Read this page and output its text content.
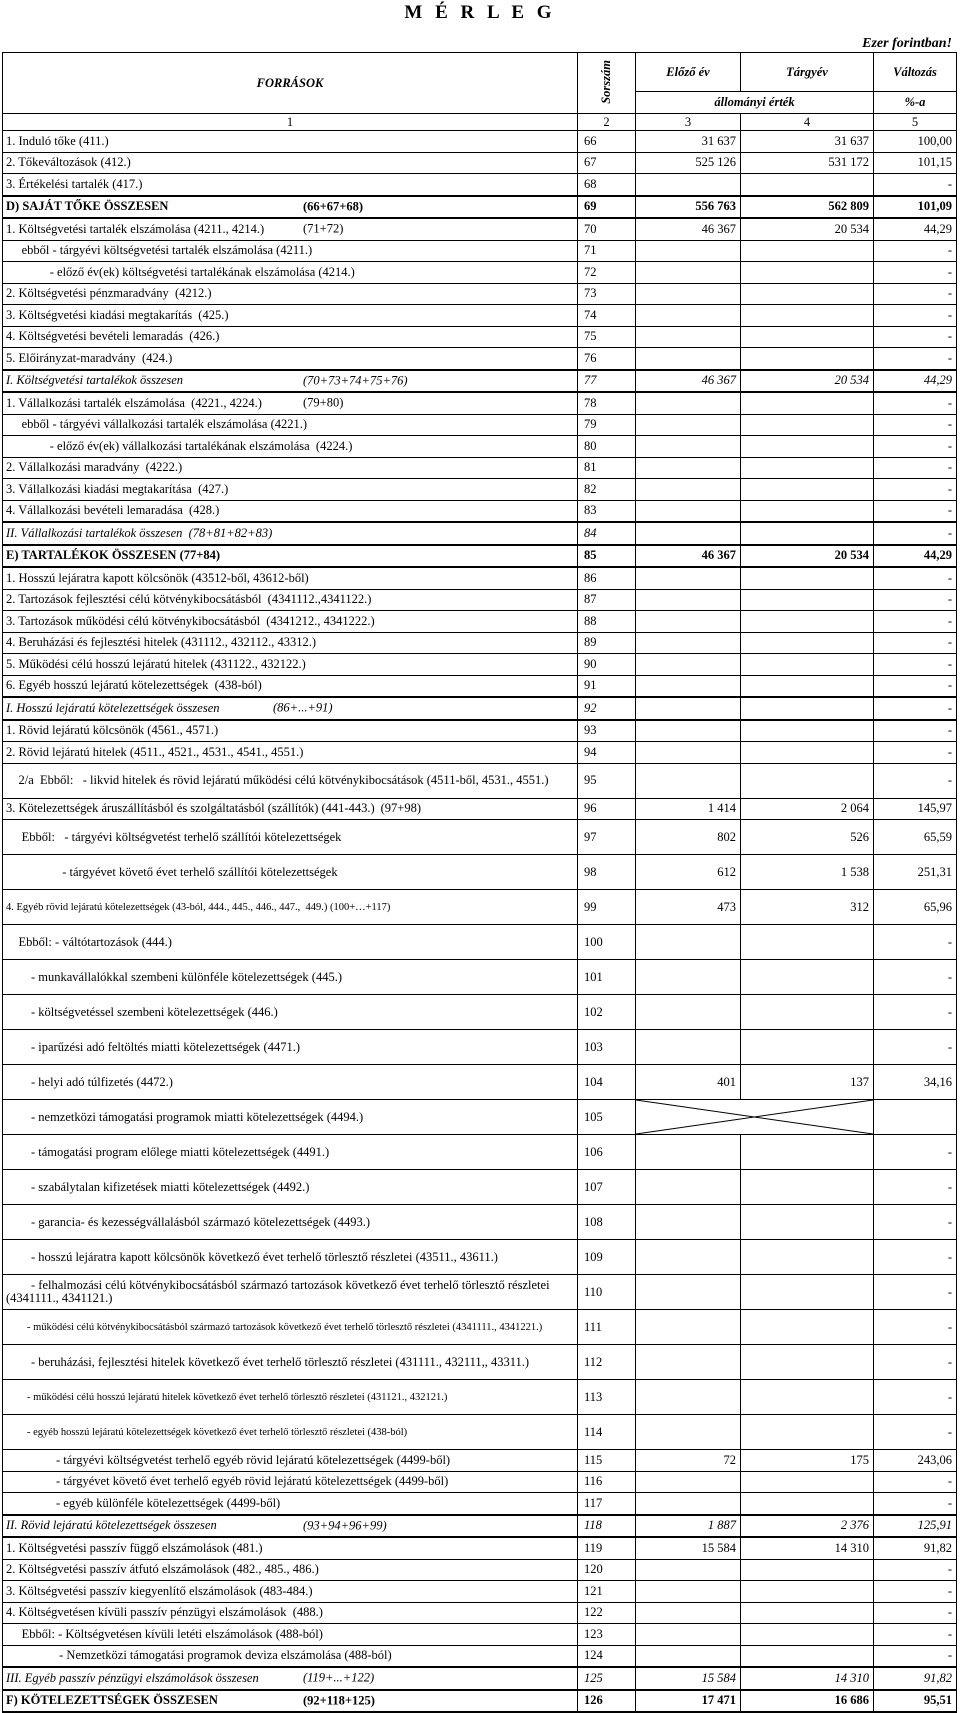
M É R L E G
Ezer forintban!
FORRÁSOK	Sorszám	Előző év	Tárgyév	Változás
		állományi érték		%-a
1	2	3	4	5
1. Induló tőke (411.)	66	31 637	31 637	100,00
2. Tőkeváltozások (412.)	67	525 126	531 172	101,15
3. Értékelési tartalék (417.)	68			-
D) SAJÁT TŐKE ÖSSZESEN (66+67+68)	69	556 763	562 809	101,09
1. Költségvetési tartalék elszámolása (4211., 4214.) (71+72)	70	46 367	20 534	44,29
ebből - tárgyévi költségvetési tartalék elszámolása (4211.)	71			-
- előző év(ek) költségvetési tartalékának elszámolása (4214.)	72			-
2. Költségvetési pénzmaradvány  (4212.)	73			-
3. Költségvetési kiadási megtakarítás  (425.)	74			-
4. Költségvetési bevételi lemaradás  (426.)	75			-
5. Előirányzat-maradvány  (424.)	76			-
I. Költségvetési tartalékok összesen (70+73+74+75+76)	77	46 367	20 534	44,29
1. Vállalkozási tartalék elszámolása  (4221., 4224.) (79+80)	78			-
ebből - tárgyévi vállalkozási tartalék elszámolása (4221.)	79			-
- előző év(ek) vállalkozási tartalékának elszámolása  (4224.)	80			-
2. Vállalkozási maradvány  (4222.)	81			-
3. Vállalkozási kiadási megtakarítása  (427.)	82			-
4. Vállalkozási bevételi lemaradása  (428.)	83			-
II. Vállalkozási tartalékok összesen  (78+81+82+83)	84			-
E) TARTALÉKOK ÖSSZESEN (77+84)	85	46 367	20 534	44,29
1. Hosszú lejáratra kapott kölcsönök (43512-ből, 43612-ből)	86			-
2. Tartozások fejlesztési célú kötvénykibocsátásból  (4341112.,4341122.)	87			-
3. Tartozások működési célú kötvénykibocsátásból  (4341212., 4341222.)	88			-
4. Beruházási és fejlesztési hitelek (431112., 432112., 43312.)	89			-
5. Működési célú hosszú lejáratú hitelek (431122., 432122.)	90			-
6. Egyéb hosszú lejáratú kötelezettségek  (438-ból)	91			-
I. Hosszú lejáratú kötelezettségek összesen (86+...+91)	92			-
1. Rövid lejáratú kölcsönök (4561., 4571.)	93			-
2. Rövid lejáratú hitelek (4511., 4521., 4531., 4541., 4551.)	94			-
2/a  Ebből:   - likvid hitelek és rövid lejáratú működési célú kötvénykibocsátások (4511-ből, 4531., 4551.)	95			-
3. Kötelezettségek áruszállításból és szolgáltatásból (szállítók) (441-443.) (97+98)	96	1 414	2 064	145,97
Ebből:   - tárgyévi költségvetést terhelő szállítói kötelezettségek	97	802	526	65,59
- tárgyévet követő évet terhelő szállítói kötelezettségek	98	612	1 538	251,31
4. Egyéb rövid lejáratú kötelezettségek (43-ból, 444., 445., 446., 447.,  449.) (100+…+117)	99	473	312	65,96
Ebből: - váltótartozások (444.)	100			-
- munkavállalókkal szembeni különféle kötelezettségek (445.)	101			-
- költségvetéssel szembeni kötelezettségek (446.)	102			-
- iparűzési adó feltöltés miatti kötelezettségek (4471.)	103			-
- helyi adó túlfizetés (4472.)	104	401	137	34,16
- nemzetközi támogatási programok miatti kötelezettségek (4494.)	105	

- támogatási program előlege miatti kötelezettségek (4491.)	106			-
- szabálytalan kifizetések miatti kötelezettségek (4492.)	107			-
- garancia- és kezességvállalásból származó kötelezettségek (4493.)	108			-
- hosszú lejáratra kapott kölcsönök következő évet terhelő törlesztő részletei (43511., 43611.)	109			-
- felhalmozási célú kötvénykibocsátásból származó tartozások következő évet terhelő törlesztő részletei (4341111., 4341121.)	110			-
- működési célú kötvénykibocsátásból származó tartozások következő évet terhelő törlesztő részletei (4341111., 4341221.)	111			-
- beruházási, fejlesztési hitelek következő évet terhelő törlesztő részletei (431111., 432111,, 43311.)	112			-
- működési célú hosszú lejáratú hitelek következő évet terhelő törlesztő részletei (431121., 432121.)	113			-
- egyéb hosszú lejáratú kötelezettségek következő évet terhelő törlesztő részletei (438-ból)	114			-
- tárgyévi költségvetést terhelő egyéb rövid lejáratú kötelezettségek (4499-ből)	115	72	175	243,06
- tárgyévet követő évet terhelő egyéb rövid lejáratú kötelezettségek (4499-ből)	116			-
- egyéb különféle kötelezettségek (4499-ből)	117			-
II. Rövid lejáratú kötelezettségek összesen (93+94+96+99)	118	1 887	2 376	125,91
1. Költségvetési passzív függő elszámolások (481.)	119	15 584	14 310	91,82
2. Költségvetési passzív átfutó elszámolások (482., 485., 486.)	120			-
3. Költségvetési passzív kiegyenlítő elszámolások (483-484.)	121			-
4. Költségvetésen kívüli passzív pénzügyi elszámolások  (488.)	122			-
Ebből: - Költségvetésen kívüli letéti elszámolások (488-ból)	123			-
- Nemzetközi támogatási programok deviza elszámolása (488-ból)	124			-
III. Egyéb passzív pénzügyi elszámolások összesen (119+...+122)	125	15 584	14 310	91,82
F) KÖTELEZETTSÉGEK ÖSSZESEN (92+118+125)	126	17 471	16 686	95,51
